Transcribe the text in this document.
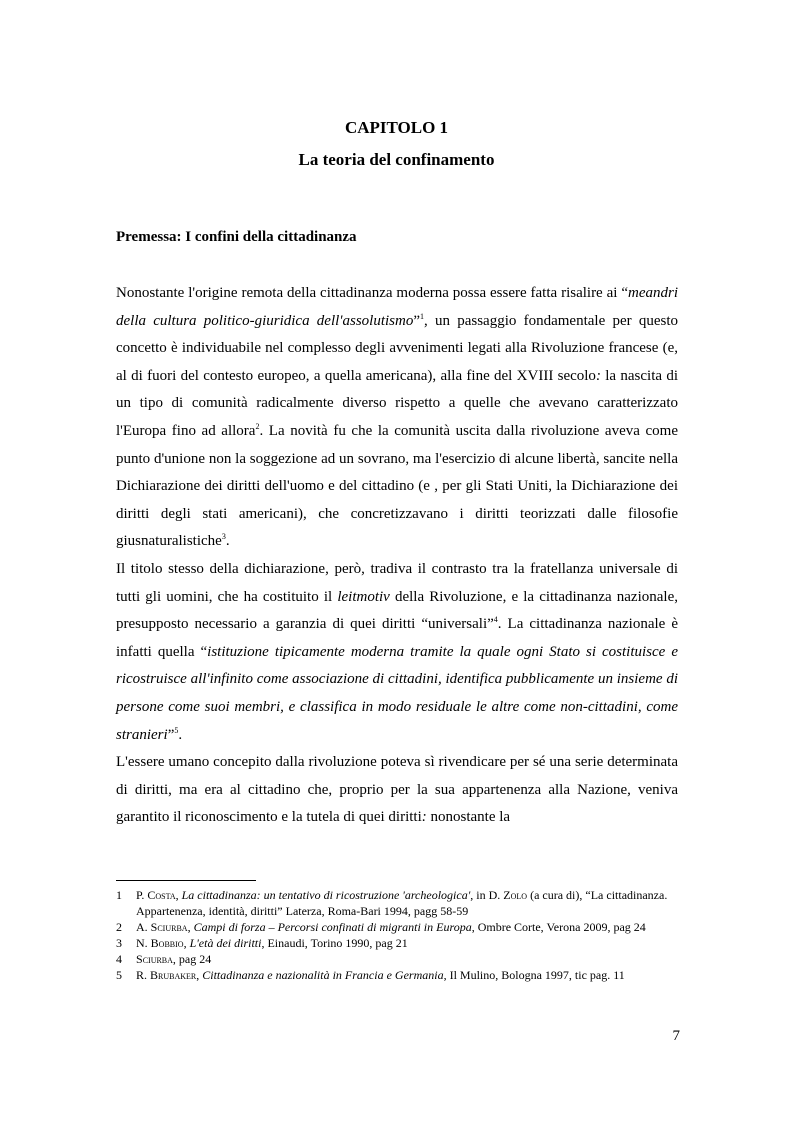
CAPITOLO 1
La teoria del confinamento
Premessa: I confini della cittadinanza

Nonostante l'origine remota della cittadinanza moderna possa essere fatta risalire ai “meandri della cultura politico-giuridica dell'assolutismo”$^1$, un passaggio fondamentale per questo concetto è individuabile nel complesso degli avvenimenti legati alla Rivoluzione francese (e, al di fuori del contesto europeo, a quella americana), alla fine del XVIII secolo: la nascita di un tipo di comunità radicalmente diverso rispetto a quelle che avevano caratterizzato l'Europa fino ad allora$^2$. La novità fu che la comunità uscita dalla rivoluzione aveva come punto d'unione non la soggezione ad un sovrano, ma l'esercizio di alcune libertà, sancite nella Dichiarazione dei diritti dell'uomo e del cittadino (e , per gli Stati Uniti, la Dichiarazione dei diritti degli stati americani), che concretizzavano i diritti teorizzati dalle filosofie giusnaturalistiche$^3$.

Il titolo stesso della dichiarazione, però, tradiva il contrasto tra la fratellanza universale di tutti gli uomini, che ha costituito il leitmotiv della Rivoluzione, e la cittadinanza nazionale, presupposto necessario a garanzia di quei diritti “universali”$^4$. La cittadinanza nazionale è infatti quella “istituzione tipicamente moderna tramite la quale ogni Stato si costituisce e ricostruisce all'infinito come associazione di cittadini, identifica pubblicamente un insieme di persone come suoi membri, e classifica in modo residuale le altre come non-cittadini, come stranieri”$^5$.

L'essere umano concepito dalla rivoluzione poteva sì rivendicare per sé una serie determinata di diritti, ma era al cittadino che, proprio per la sua appartenenza alla Nazione, veniva garantito il riconoscimento e la tutela di quei diritti: nonostante la

1 P. Costa, La cittadinanza: un tentativo di ricostruzione 'archeologica', in D. Zolo (a cura di), “La cittadinanza. Appartenenza, identità, diritti” Laterza, Roma-Bari 1994, pagg 58-59
2 A. Sciurba, Campi di forza – Percorsi confinati di migranti in Europa, Ombre Corte, Verona 2009, pag 24
3 N. Bobbio, L'età dei diritti, Einaudi, Torino 1990, pag 21
4 Sciurba, pag 24
5 R. Brubaker, Cittadinanza e nazionalità in Francia e Germania, Il Mulino, Bologna 1997, tic pag. 11
7
